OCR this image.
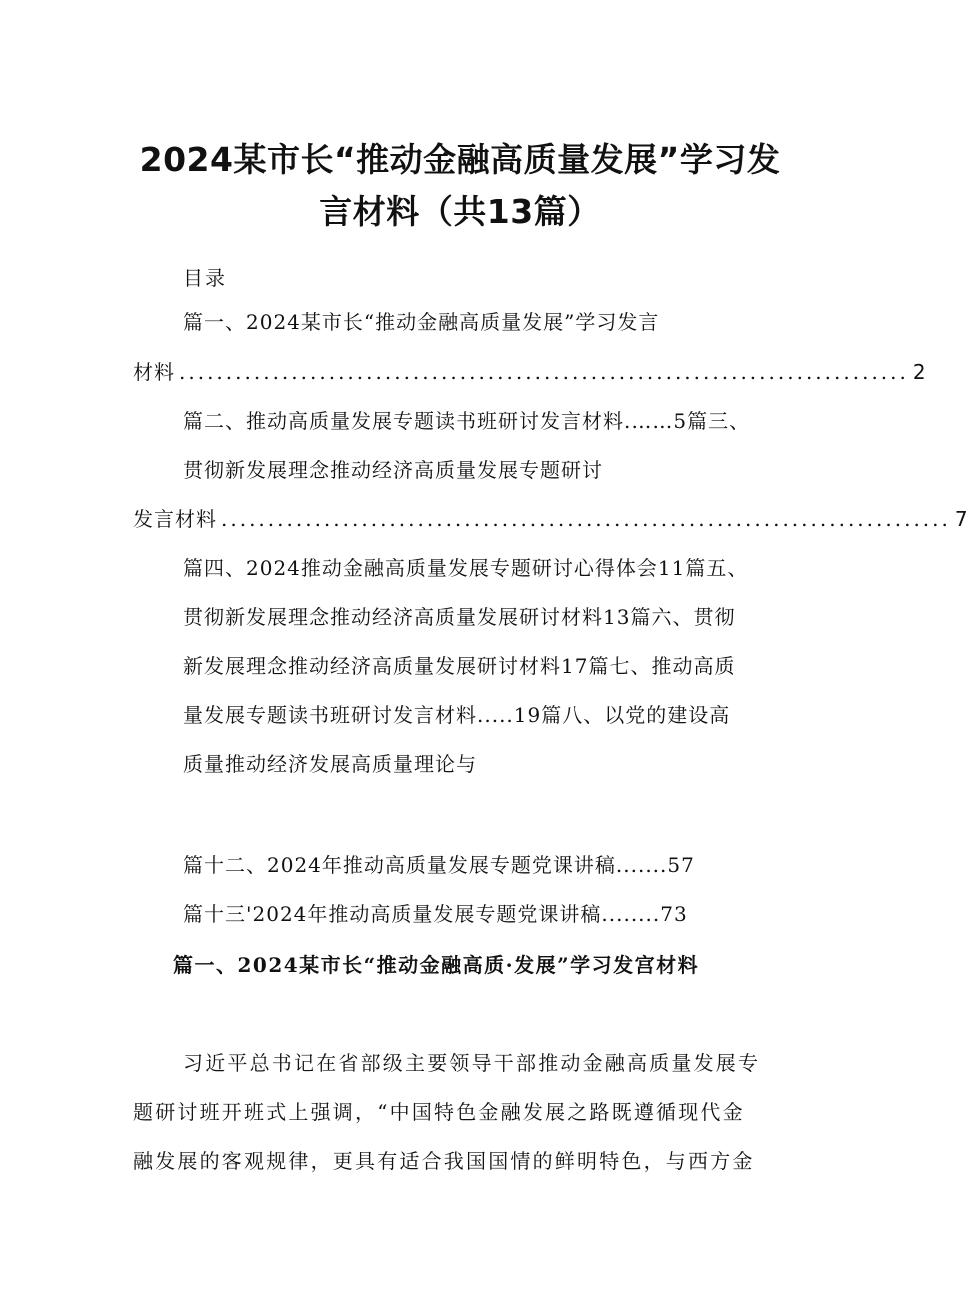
2024某市长“推动金融高质量发展”学习发
言材料（共13篇）
目录
篇一、2024某市长“推动金融高质量发展”学习发言
材料 .............................................................................. 2
篇二、推动高质量发展专题读书班研讨发言材料.……5篇三、
贯彻新发展理念推动经济高质量发展专题研讨
发言材料 .............................................................................. 7
篇四、2024推动金融高质量发展专题研讨心得体会11篇五、
贯彻新发展理念推动经济高质量发展研讨材料13篇六、贯彻
新发展理念推动经济高质量发展研讨材料17篇七、推动高质
量发展专题读书班研讨发言材料.....19篇八、以党的建设高
质量推动经济发展高质量理论与
篇十二、2024年推动高质量发展专题党课讲稿.......57
篇十三'2024年推动高质量发展专题党课讲稿........73
篇一、2024某市长“推动金融高质·发展”学习发宫材料
习近平总书记在省部级主要领导干部推动金融高质量发展专
题研讨班开班式上强调，“中国特色金融发展之路既遵循现代金
融发展的客观规律，更具有适合我国国情的鲜明特色，与西方金
